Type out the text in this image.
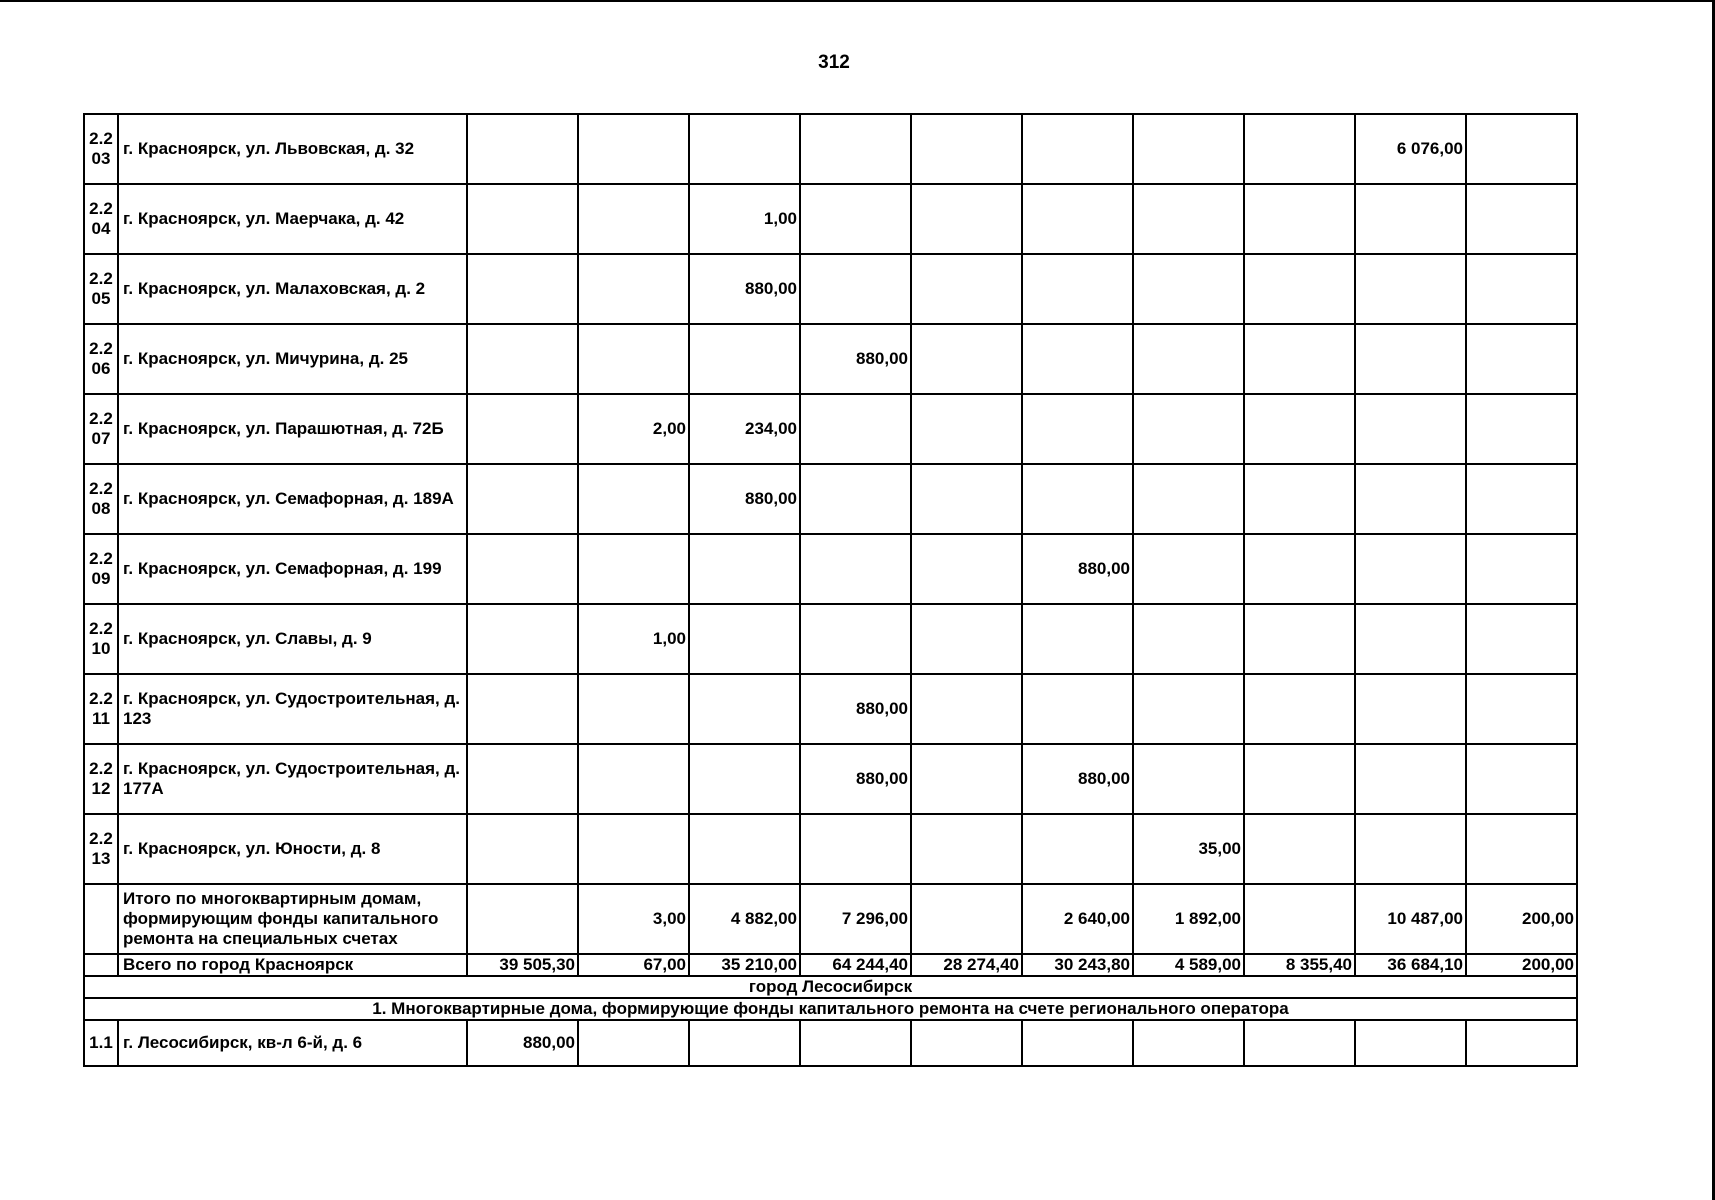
312
2.2
03	г. Красноярск, ул. Львовская, д. 32									6 076,00	
2.2
04	г. Красноярск, ул. Маерчака, д. 42			1,00							
2.2
05	г. Красноярск, ул. Малаховская, д. 2			880,00							
2.2
06	г. Красноярск, ул. Мичурина, д. 25				880,00						
2.2
07	г. Красноярск, ул. Парашютная, д. 72Б		2,00	234,00							
2.2
08	г. Красноярск, ул. Семафорная, д. 189А			880,00							
2.2
09	г. Красноярск, ул. Семафорная, д. 199						880,00				
2.2
10	г. Красноярск, ул. Славы, д. 9		1,00								
2.2
11	г. Красноярск, ул. Судостроительная, д. 123				880,00						
2.2
12	г. Красноярск, ул. Судостроительная, д. 177А				880,00		880,00				
2.2
13	г. Красноярск, ул. Юности, д. 8							35,00			
	Итого по многоквартирным домам, формирующим фонды капитального ремонта на специальных счетах		3,00	4 882,00	7 296,00		2 640,00	1 892,00		10 487,00	200,00
	Всего по город Красноярск	39 505,30	67,00	35 210,00	64 244,40	28 274,40	30 243,80	4 589,00	8 355,40	36 684,10	200,00
город Лесосибирск											
1. Многоквартирные дома, формирующие фонды капитального ремонта на счете регионального оператора											
1.1	г. Лесосибирск, кв-л 6-й, д. 6	880,00									
